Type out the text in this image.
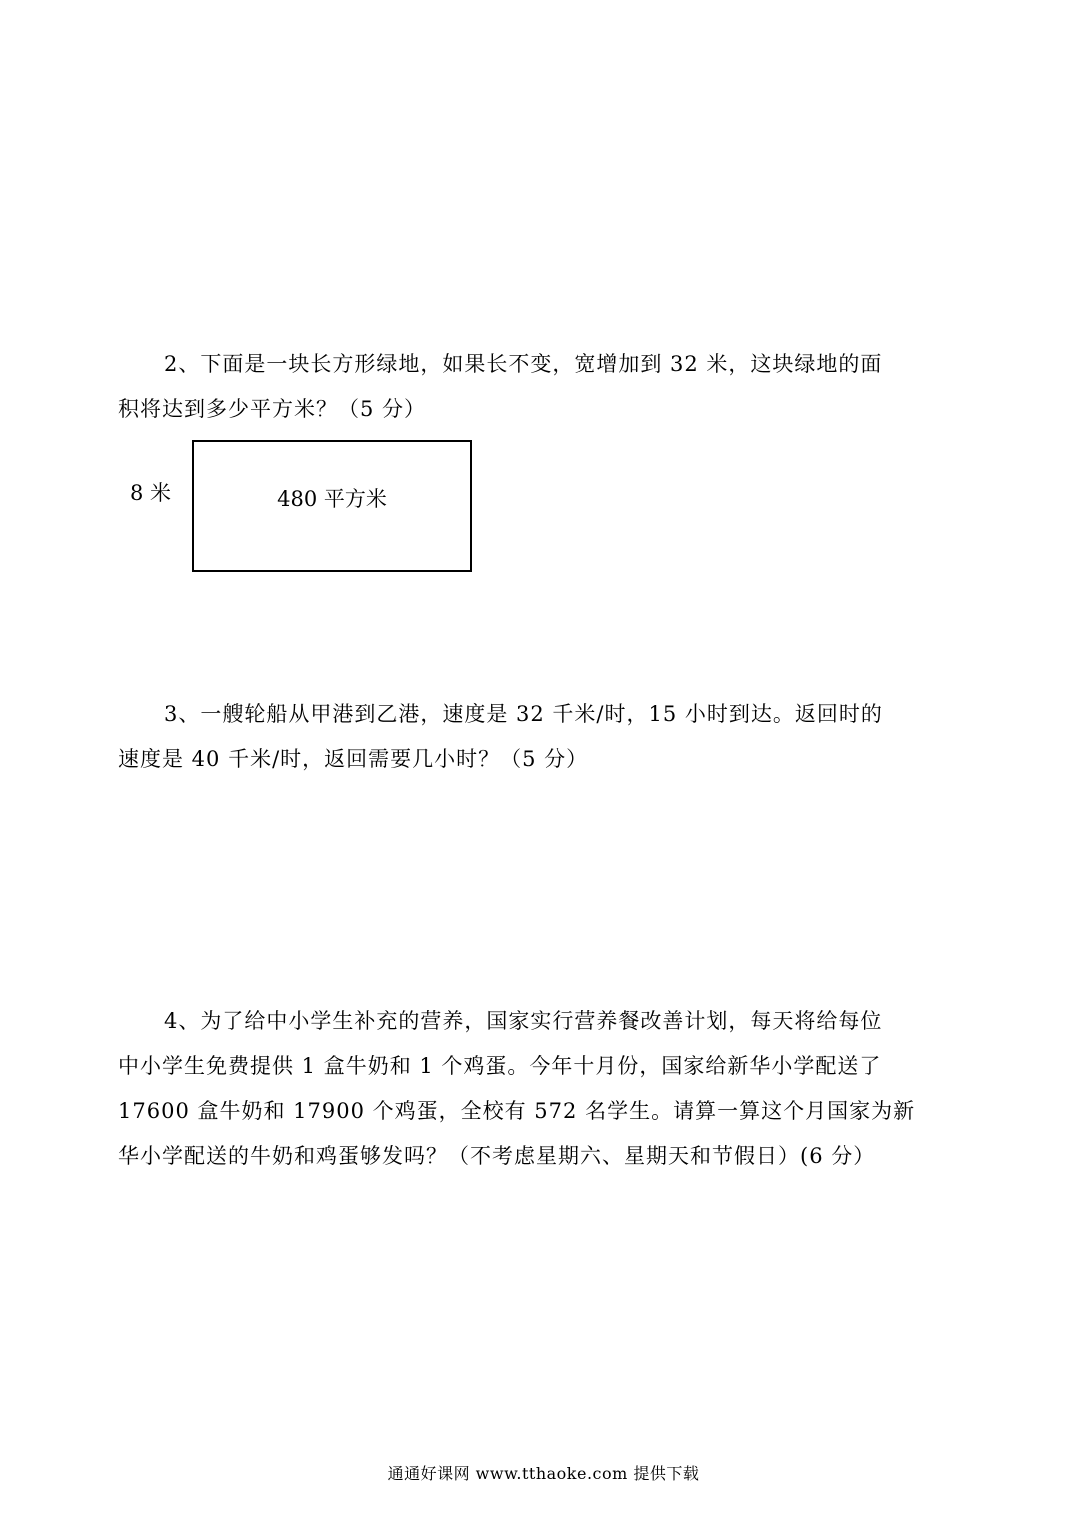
2、下面是一块长方形绿地，如果长不变，宽增加到 32 米，这块绿地的面
积将达到多少平方米？（5 分）
8 米	480 平方米
3、一艘轮船从甲港到乙港，速度是 32 千米/时，15 小时到达。返回时的
速度是 40 千米/时，返回需要几小时？（5 分）
4、为了给中小学生补充的营养，国家实行营养餐改善计划，每天将给每位
中小学生免费提供 1 盒牛奶和 1 个鸡蛋。今年十月份，国家给新华小学配送了
17600 盒牛奶和 17900 个鸡蛋，全校有 572 名学生。请算一算这个月国家为新
华小学配送的牛奶和鸡蛋够发吗？（不考虑星期六、星期天和节假日）(6 分）
通通好课网 www.tthaoke.com 提供下载
